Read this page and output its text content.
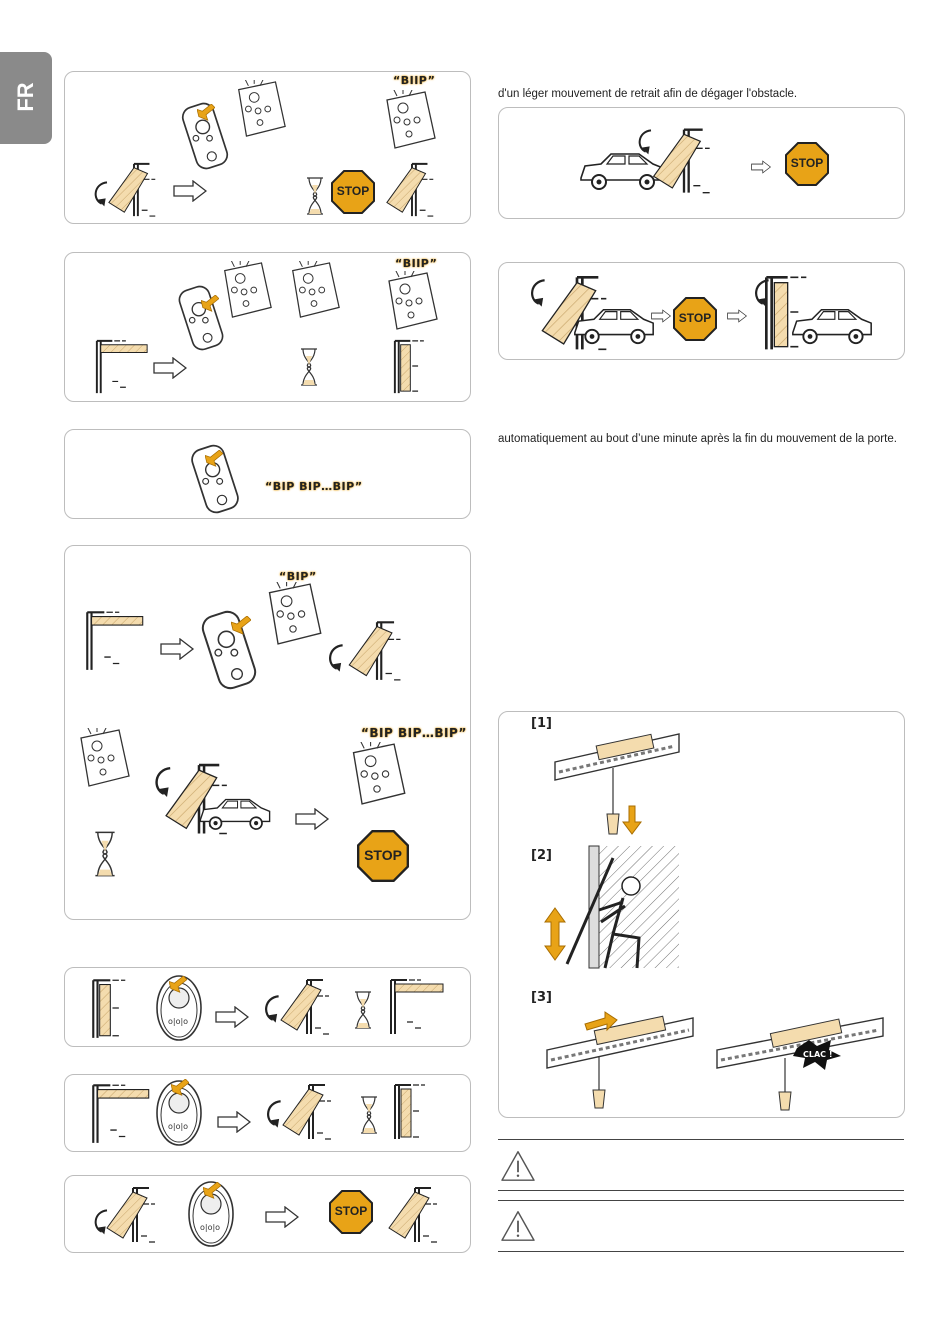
FR
“BIIP”
STOP
“BIIP”
“BIP BIP…BIP”
“BIP”
“BIP BIP…BIP”
STOP
STOP
d'un léger mouvement de retrait afin de dégager l'obstacle.
STOP
STOP
automatiquement au bout d’une minute après la fin du mouvement de la porte.
[1]
[2]
[3]
CLAC !
